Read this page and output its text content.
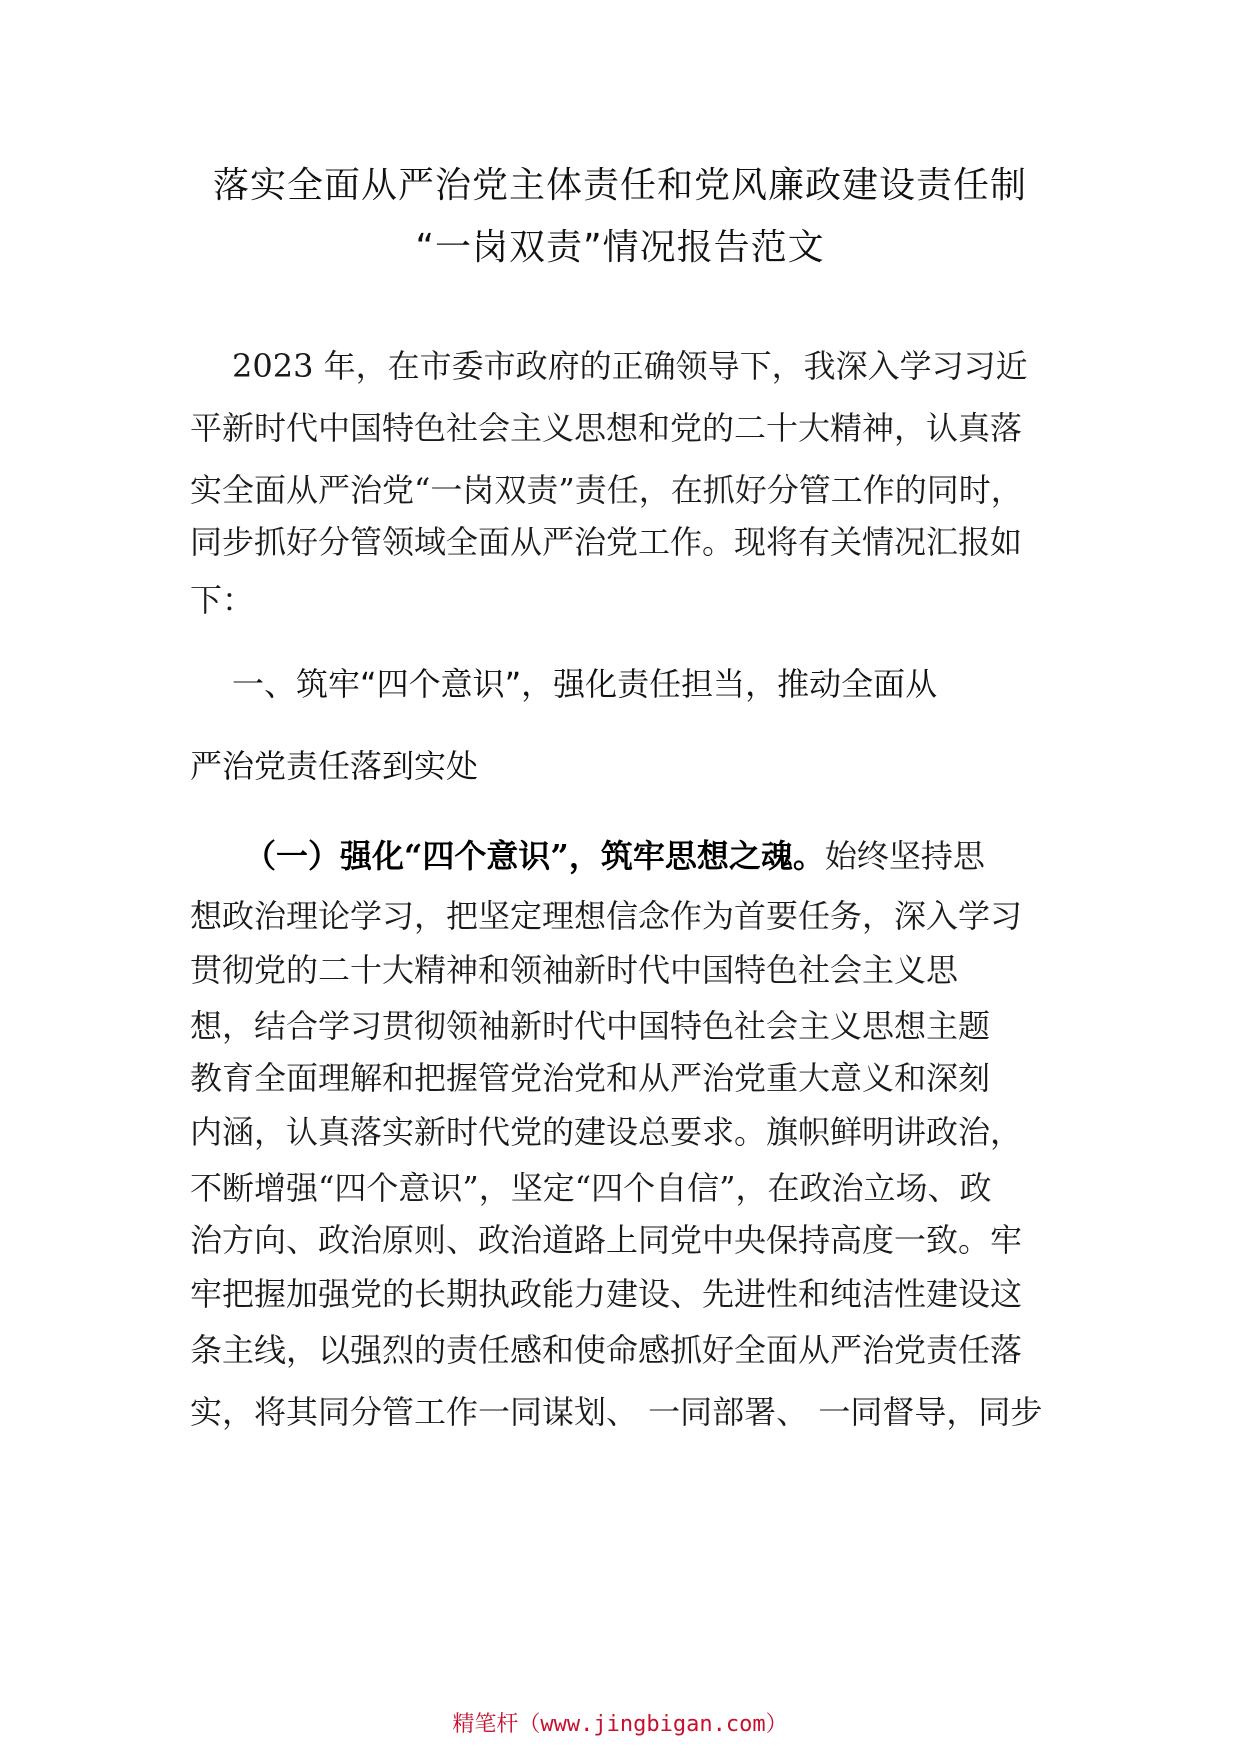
落实全面从严治党主体责任和党风廉政建设责任制
“一岗双责”情况报告范文
2023 年，在市委市政府的正确领导下，我深入学习习近
平新时代中国特色社会主义思想和党的二十大精神，认真落
实全面从严治党“一岗双责”责任，在抓好分管工作的同时，
同步抓好分管领域全面从严治党工作。现将有关情况汇报如
下：
一、筑牢“四个意识”，强化责任担当，推动全面从
严治党责任落到实处
（一）强化“四个意识”，筑牢思想之魂。始终坚持思
想政治理论学习，把坚定理想信念作为首要任务，深入学习
贯彻党的二十大精神和领袖新时代中国特色社会主义思
想，结合学习贯彻领袖新时代中国特色社会主义思想主题
教育全面理解和把握管党治党和从严治党重大意义和深刻
内涵，认真落实新时代党的建设总要求。旗帜鲜明讲政治，
不断增强“四个意识”，坚定“四个自信”，在政治立场、政
治方向、政治原则、政治道路上同党中央保持高度一致。牢
牢把握加强党的长期执政能力建设、先进性和纯洁性建设这
条主线，以强烈的责任感和使命感抓好全面从严治党责任落
实，将其同分管工作一同谋划、 一同部署、 一同督导，同步
精笔杆（www.jingbigan.com）
